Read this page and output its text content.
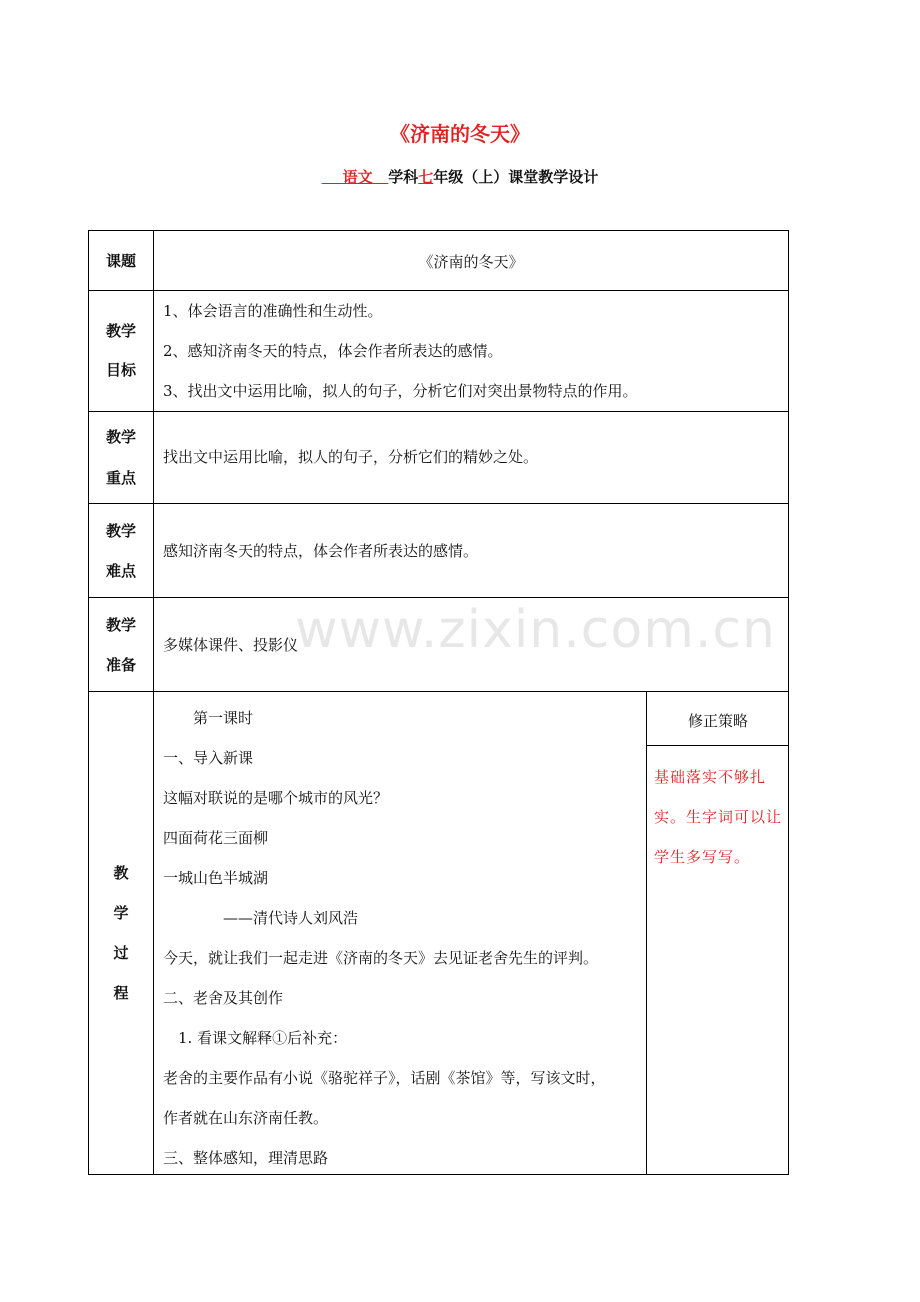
《济南的冬天》
语文 学科七年级（上）课堂教学设计
课题	《济南的冬天》
教学
目标
1、体会语言的准确性和生动性。
2、感知济南冬天的特点，体会作者所表达的感情。
3、找出文中运用比喻，拟人的句子，分析它们对突出景物特点的作用。
教学
重点
找出文中运用比喻，拟人的句子，分析它们的精妙之处。
教学
难点
感知济南冬天的特点，体会作者所表达的感情。
教学
准备
多媒体课件、投影仪
教
学
过
程
　　第一课时
一、导入新课
这幅对联说的是哪个城市的风光？
四面荷花三面柳
一城山色半城湖
　　　　——清代诗人刘风浩
今天，就让我们一起走进《济南的冬天》去见证老舍先生的评判。
二、老舍及其创作
　1. 看课文解释①后补充：
老舍的主要作品有小说《骆驼祥子》，话剧《茶馆》等，写该文时，
作者就在山东济南任教。
三、整体感知，理清思路
修正策略
基础落实不够扎
实。生字词可以让
学生多写写。
www.zixin.com.cn
